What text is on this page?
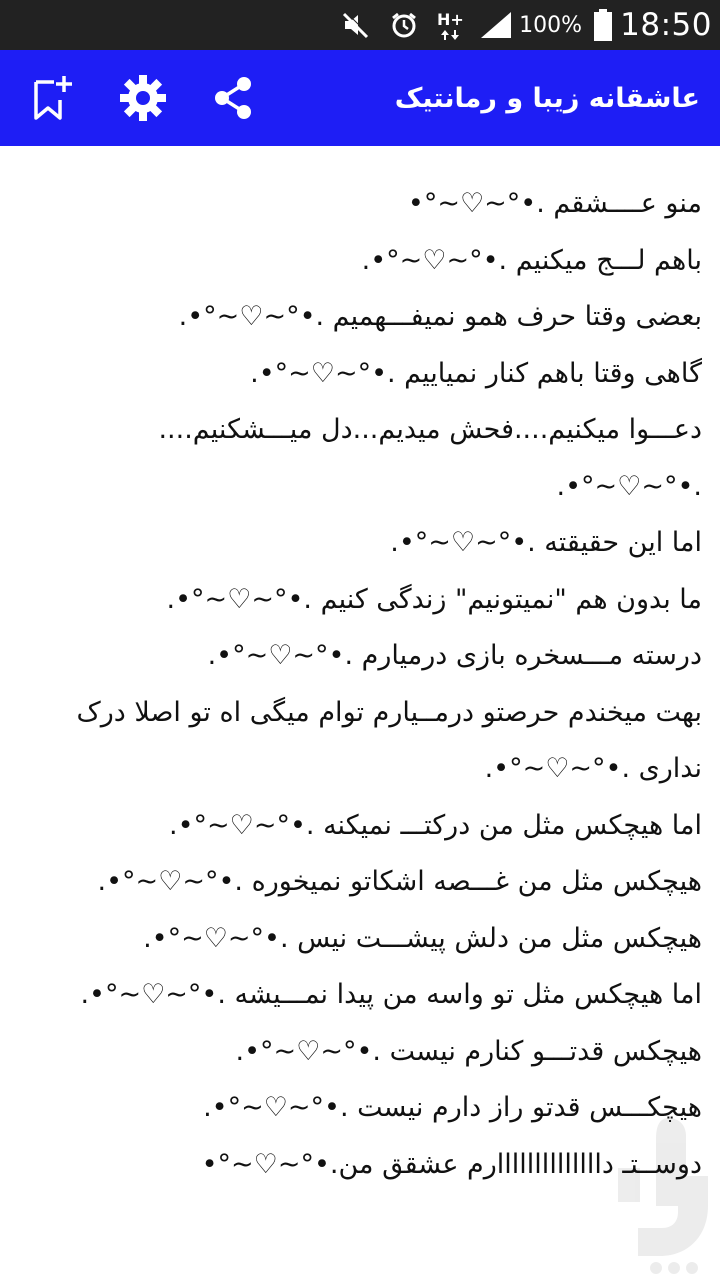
H+	100% 18:50
عاشقانه زیبا و رمانتیک
منو عــــشقم .•°~♡~°•
باهم لـــج میکنیم .•°~♡~°•.
بعضی وقتا حرف همو نمیفـــهمیم .•°~♡~°•.
گاهی وقتا باهم کنار نمیاییم .•°~♡~°•.
دعـــوا میکنیم....فحش میدیم...دل میـــشکنیم.... .•°~♡~°•.
اما این حقیقته .•°~♡~°•.
ما بدون هم "نمیتونیم" زندگی کنیم .•°~♡~°•.
درسته مـــسخره بازی درمیارم .•°~♡~°•.
بهت میخندم حرصتو درمــیارم توام میگی اه تو اصلا درک نداری .•°~♡~°•.
اما هیچکس مثل من درکتـــ نمیکنه .•°~♡~°•.
هیچکس مثل من غـــصه اشکاتو نمیخوره .•°~♡~°•.
هیچکس مثل من دلش پیشـــت نیس .•°~♡~°•.
اما هیچکس مثل تو واسه من پیدا نمـــیشه .•°~♡~°•.
هیچکس قدتـــو کنارم نیست .•°~♡~°•.
هیچکـــس قدتو راز دارم نیست .•°~♡~°•.
دوســتـ داااااااااااااارم عشقق من.•°~♡~°•
